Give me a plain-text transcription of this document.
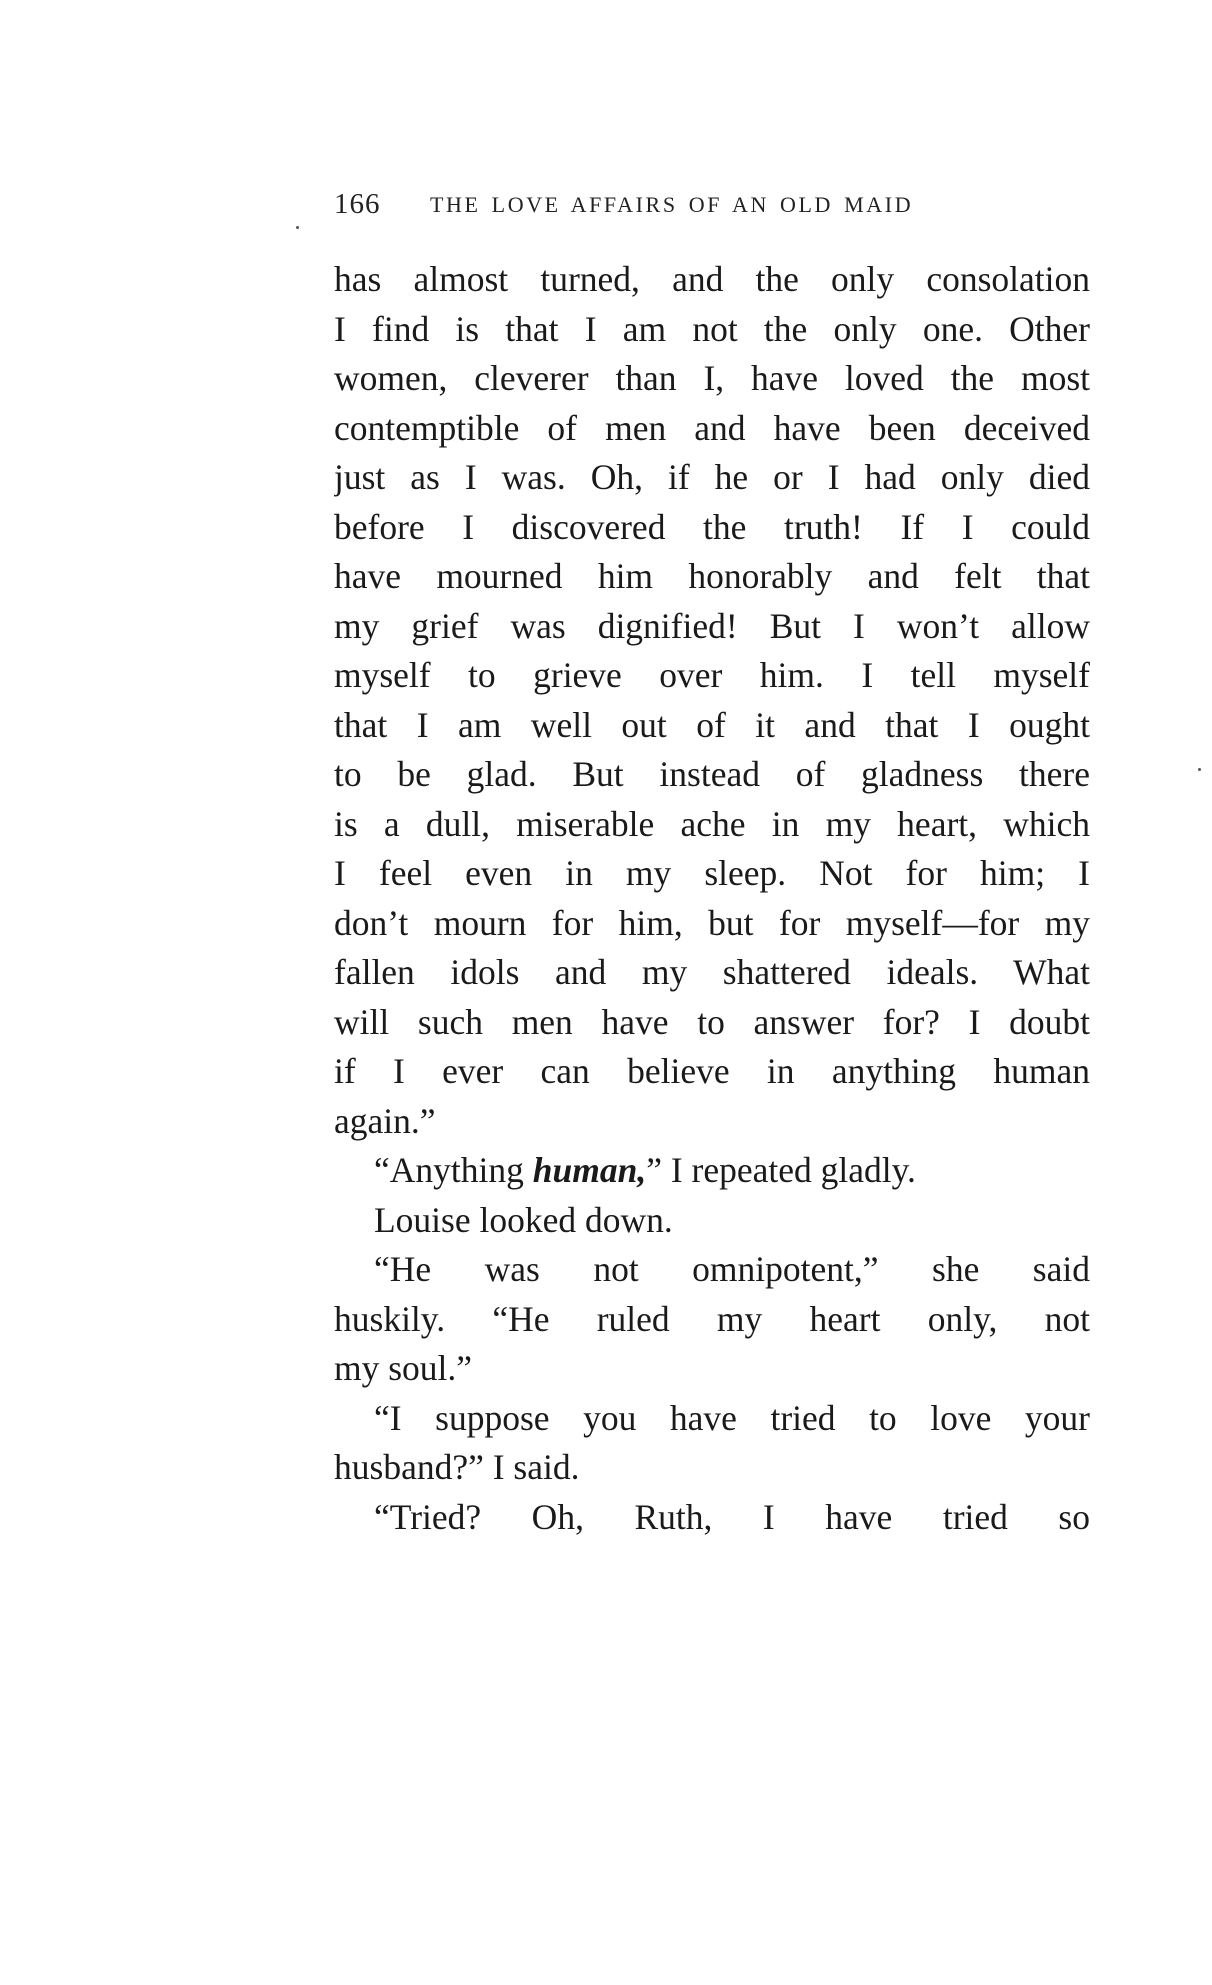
166 THE LOVE AFFAIRS OF AN OLD MAID
has almost turned, and the only consolation
I find is that I am not the only one. Other
women, cleverer than I, have loved the most
contemptible of men and have been deceived
just as I was. Oh, if he or I had only died
before I discovered the truth! If I could
have mourned him honorably and felt that
my grief was dignified! But I won’t allow
myself to grieve over him. I tell myself
that I am well out of it and that I ought
to be glad. But instead of gladness there
is a dull, miserable ache in my heart, which
I feel even in my sleep. Not for him; I
don’t mourn for him, but for myself—for my
fallen idols and my shattered ideals. What
will such men have to answer for? I doubt
if I ever can believe in anything human
again.”
“Anything human,” I repeated gladly.
Louise looked down.
“He was not omnipotent,” she said
huskily. “He ruled my heart only, not
my soul.”
“I suppose you have tried to love your
husband?” I said.
“Tried? Oh, Ruth, I have tried so
